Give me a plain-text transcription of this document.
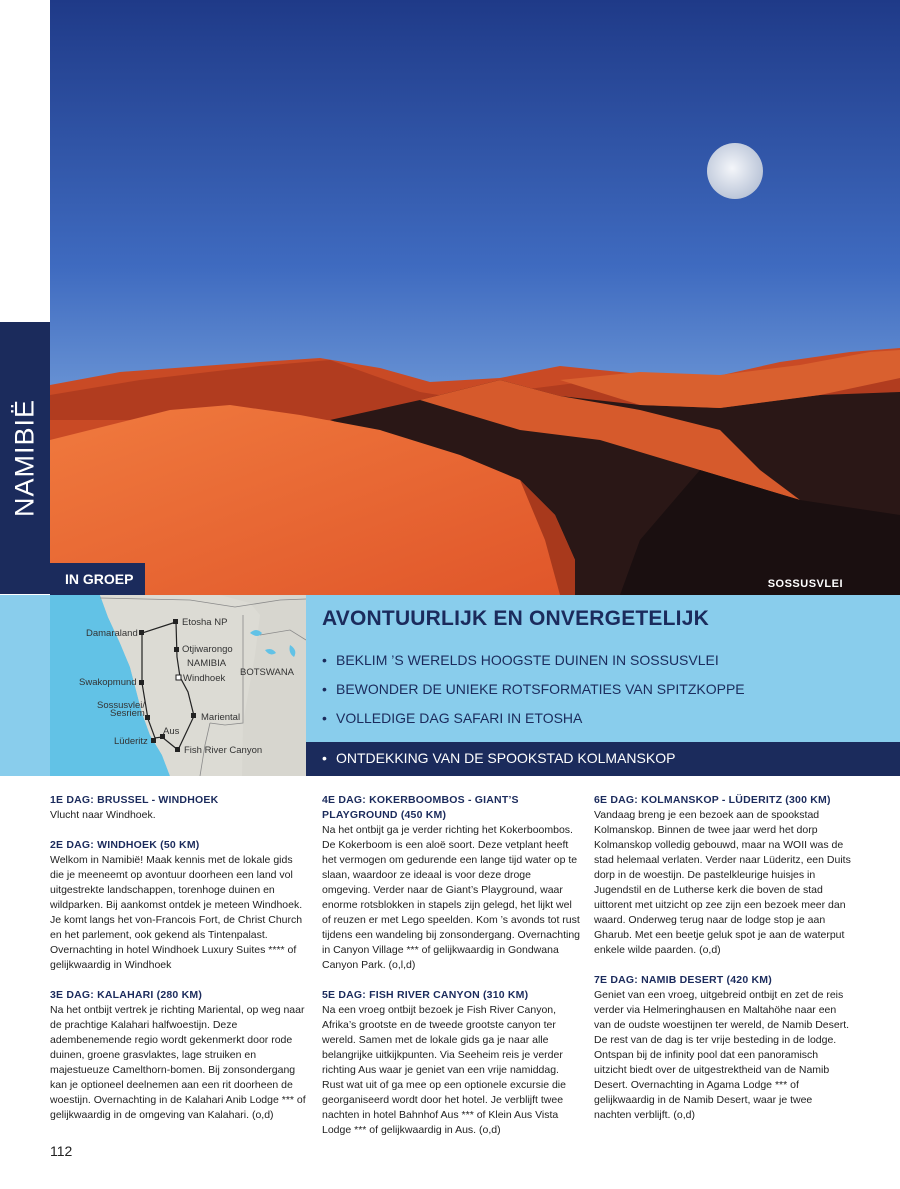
NAMIBIË
IN GROEP	SOSSUSVLEI
Etosha NP
Damaraland
Otjiwarongo
NAMIBIA
BOTSWANA
Windhoek
Swakopmund
Sossusvlei/
Sesriem	Mariental
Aus
Lüderitz
Fish River Canyon
AVONTUURLIJK EN ONVERGETELIJK
• BEKLIM ’S WERELDS HOOGSTE DUINEN IN SOSSUSVLEI
• BEWONDER DE UNIEKE ROTSFORMATIES VAN SPITZKOPPE
• VOLLEDIGE DAG SAFARI IN ETOSHA
• ONTDEKKING VAN DE SPOOKSTAD KOLMANSKOP
1E DAG: BRUSSEL - WINDHOEK

Vlucht naar Windhoek.

2E DAG: WINDHOEK (50 KM)

Welkom in Namibië! Maak kennis met de lokale gids die je meeneemt op avontuur doorheen een land vol uitgestrekte landschappen, torenhoge duinen en wildparken. Bij aankomst ontdek je meteen Windhoek. Je komt langs het von-Francois Fort, de Christ Church en het parlement, ook gekend als Tintenpalast. Overnachting in hotel Windhoek Luxury Suites **** of gelijkwaardig in Windhoek

3E DAG: KALAHARI (280 KM)

Na het ontbijt vertrek je richting Mariental, op weg naar de prachtige Kalahari halfwoestijn. Deze adembenemende regio wordt gekenmerkt door rode duinen, groene grasvlaktes, lage struiken en majestueuze Camelthorn-bomen. Bij zonsondergang kan je optioneel deelnemen aan een rit doorheen de woestijn. Overnachting in de Kalahari Anib Lodge *** of gelijkwaardig in de omgeving van Kalahari. (o,d)

4E DAG: KOKERBOOMBOS - GIANT’S PLAYGROUND (450 KM)

Na het ontbijt ga je verder richting het Kokerboombos. De Kokerboom is een aloë soort. Deze vetplant heeft het vermogen om gedurende een lange tijd water op te slaan, waardoor ze ideaal is voor deze droge omgeving. Verder naar de Giant’s Playground, waar enorme rotsblokken in stapels zijn gelegd, het lijkt wel of reuzen er met Lego speelden. Kom ’s avonds tot rust tijdens een wandeling bij zonsondergang. Overnachting in Canyon Village *** of gelijkwaardig in Gondwana Canyon Park. (o,l,d)

5E DAG: FISH RIVER CANYON (310 KM)

Na een vroeg ontbijt bezoek je Fish River Canyon, Afrika’s grootste en de tweede grootste canyon ter wereld. Samen met de lokale gids ga je naar alle belangrijke uitkijkpunten. Via Seeheim reis je verder richting Aus waar je geniet van een vrije namiddag. Rust wat uit of ga mee op een optionele excursie die georganiseerd wordt door het hotel. Je verblijft twee nachten in hotel Bahnhof Aus *** of Klein Aus Vista Lodge *** of gelijkwaardig in Aus. (o,d)

6E DAG: KOLMANSKOP - LÜDERITZ (300 KM)

Vandaag breng je een bezoek aan de spookstad Kolmanskop. Binnen de twee jaar werd het dorp Kolmanskop volledig gebouwd, maar na WOII was de stad helemaal verlaten. Verder naar Lüderitz, een Duits dorp in de woestijn. De pastelkleurige huisjes in Jugendstil en de Lutherse kerk die boven de stad uittorent met uitzicht op zee zijn een bezoek meer dan waard. Onderweg terug naar de lodge stop je aan Gharub. Met een beetje geluk spot je aan de waterput enkele wilde paarden. (o,d)

7E DAG: NAMIB DESERT (420 KM)

Geniet van een vroeg, uitgebreid ontbijt en zet de reis verder via Helmeringhausen en Maltahöhe naar een van de oudste woestijnen ter wereld, de Namib Desert. De rest van de dag is ter vrije besteding in de lodge. Ontspan bij de infinity pool dat een panoramisch uitzicht biedt over de uitgestrektheid van de Namib Desert. Overnachting in Agama Lodge *** of gelijkwaardig in de Namib Desert, waar je twee nachten verblijft. (o,d)

112
